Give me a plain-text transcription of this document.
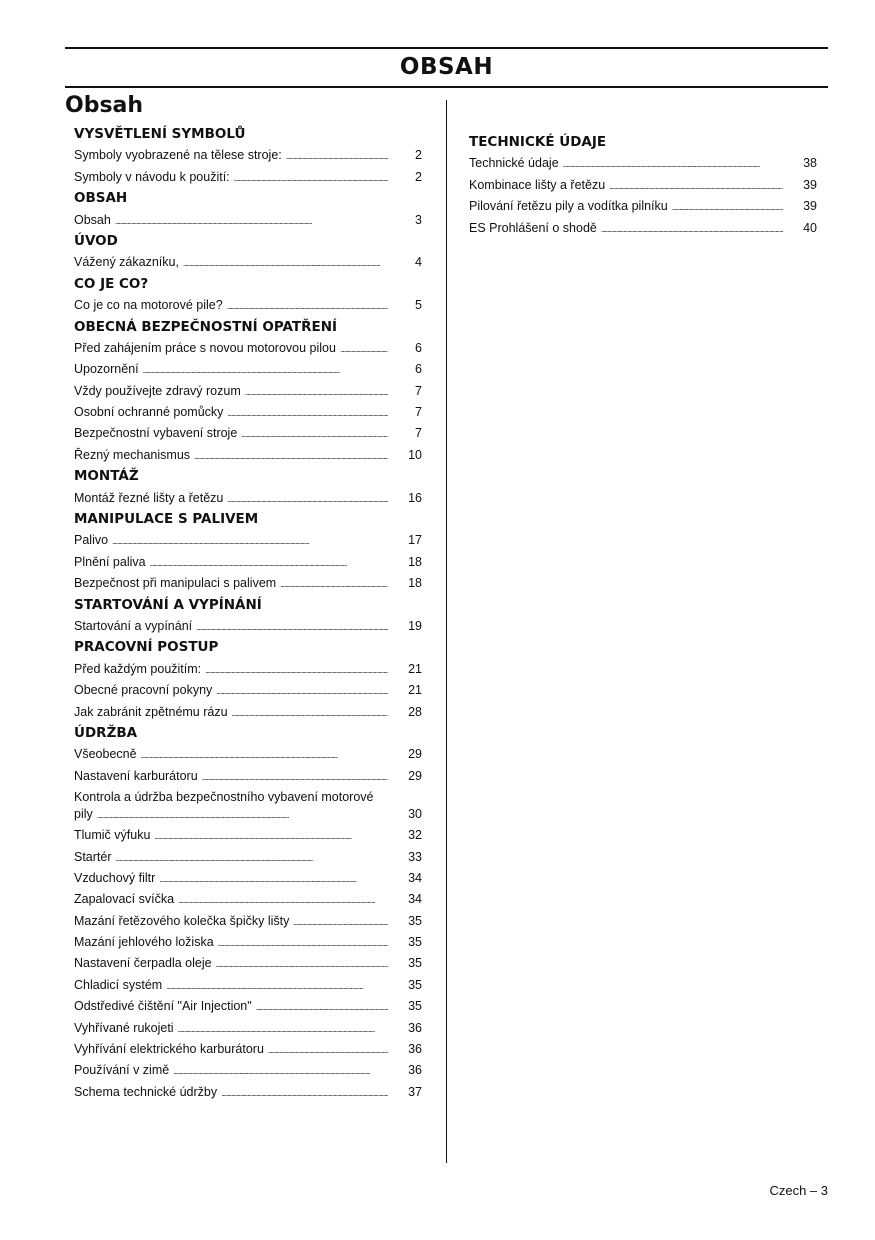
OBSAH
Obsah
VYSVĚTLENÍ SYMBOLŮ
Symboly vyobrazené na tělese stroje: . . .	2
Symboly v návodu k použití: . . .	2
OBSAH
Obsah . . .	3
ÚVOD
Vážený zákazníku, . . .	4
CO JE CO?
Co je co na motorové pile? . . .	5
OBECNÁ BEZPEČNOSTNÍ OPATŘENÍ
Před zahájením práce s novou motorovou pilou . . .	6
Upozornění . . .	6
Vždy používejte zdravý rozum . . .	7
Osobní ochranné pomůcky . . .	7
Bezpečnostní vybavení stroje . . .	7
Řezný mechanismus . . .	10
MONTÁŽ
Montáž řezné lišty a řetězu . . .	16
MANIPULACE S PALIVEM
Palivo . . .	17
Plnění paliva . . .	18
Bezpečnost při manipulaci s palivem . . .	18
STARTOVÁNÍ A VYPÍNÁNÍ
Startování a vypínání . . .	19
PRACOVNÍ POSTUP
Před každým použitím: . . .	21
Obecné pracovní pokyny . . .	21
Jak zabránit zpětnému rázu . . .	28
ÚDRŽBA
Všeobecně . . .	29
Nastavení karburátoru . . .	29
Kontrola a údržba bezpečnostního vybavení motorové
pily . . .	30
Tlumič výfuku . . .	32
Startér . . .	33
Vzduchový filtr . . .	34
Zapalovací svíčka . . .	34
Mazání řetězového kolečka špičky lišty . . .	35
Mazání jehlového ložiska . . .	35
Nastavení čerpadla oleje . . .	35
Chladicí systém . . .	35
Odstředivé čištění "Air Injection" . . .	35
Vyhřívané rukojeti . . .	36
Vyhřívání elektrického karburátoru . . .	36
Používání v zimě . . .	36
Schema technické údržby . . .	37
TECHNICKÉ ÚDAJE
Technické údaje . . .	38
Kombinace lišty a řetězu . . .	39
Pilování řetězu pily a vodítka pilníku . . .	39
ES Prohlášení o shodě . . .	40
Czech – 3
